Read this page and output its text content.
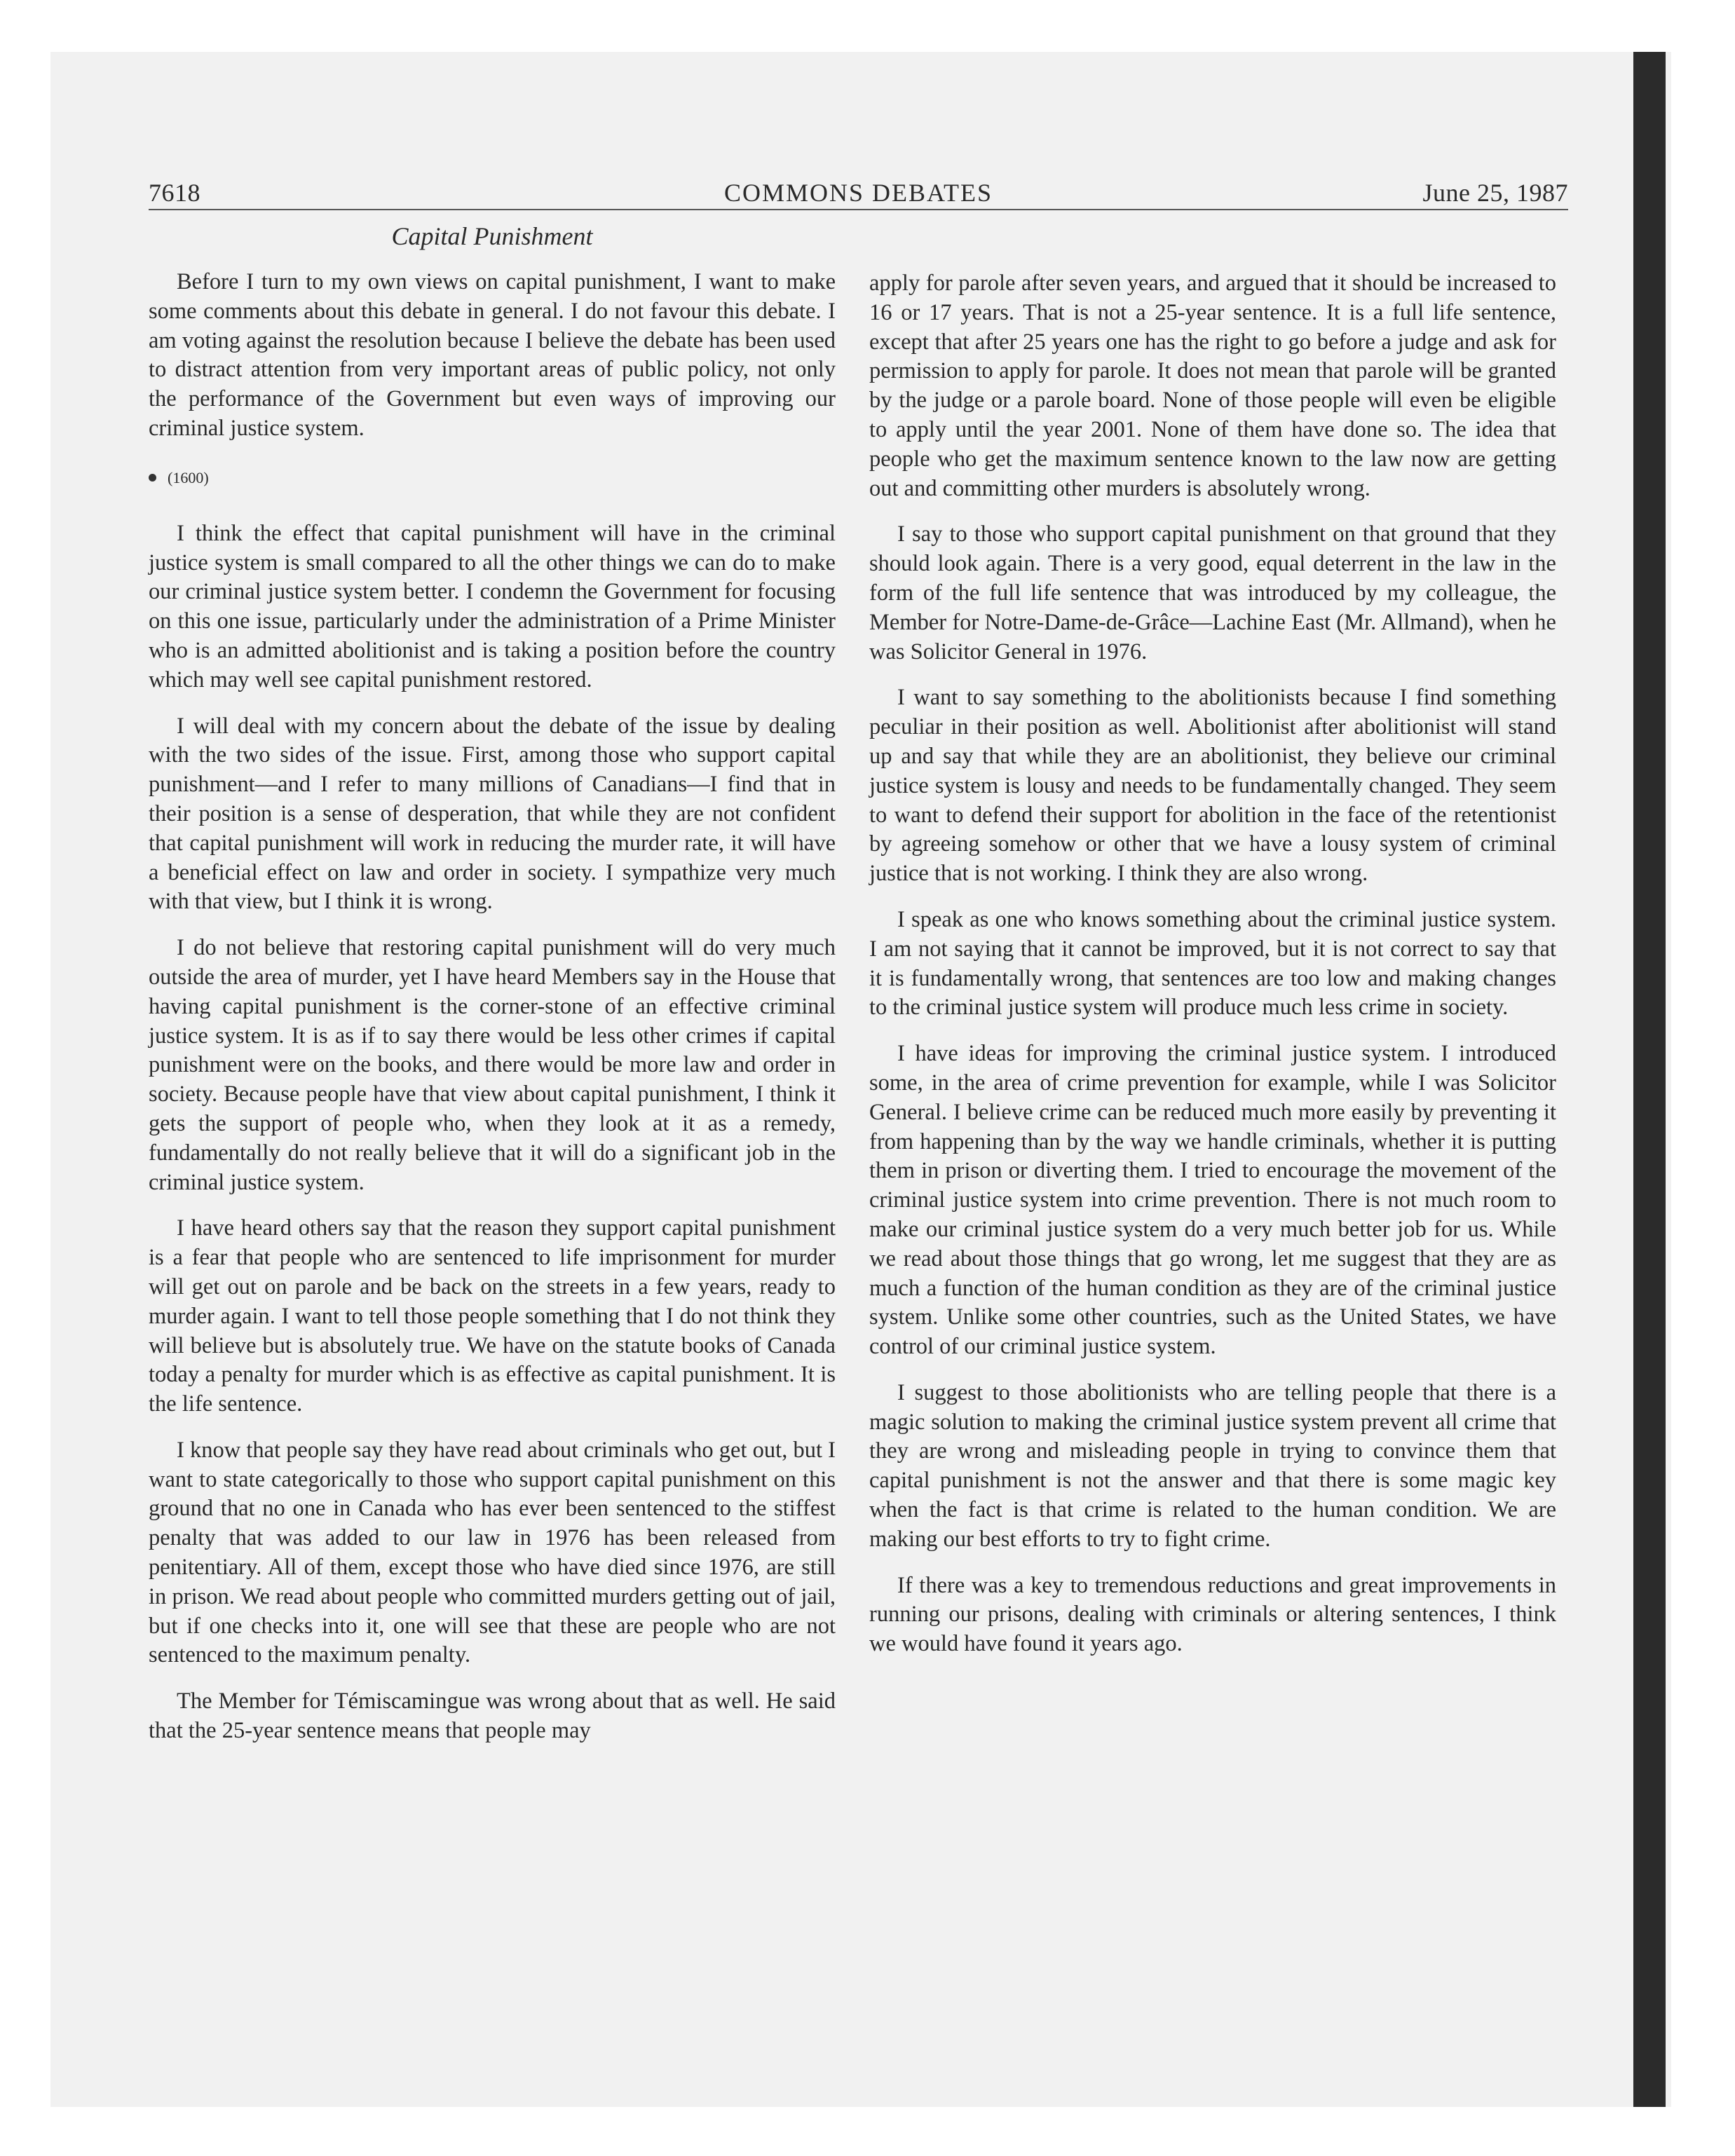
7618	COMMONS DEBATES	June 25, 1987
Capital Punishment

Before I turn to my own views on capital punishment, I want to make some comments about this debate in general. I do not favour this debate. I am voting against the resolution because I believe the debate has been used to distract attention from very important areas of public policy, not only the performance of the Government but even ways of improving our criminal justice system.

(1600)

I think the effect that capital punishment will have in the criminal justice system is small compared to all the other things we can do to make our criminal justice system better. I condemn the Government for focusing on this one issue, particularly under the administration of a Prime Minister who is an admitted abolitionist and is taking a position before the country which may well see capital punishment restored.

I will deal with my concern about the debate of the issue by dealing with the two sides of the issue. First, among those who support capital punishment—and I refer to many millions of Canadians—I find that in their position is a sense of desperation, that while they are not confident that capital punishment will work in reducing the murder rate, it will have a beneficial effect on law and order in society. I sympathize very much with that view, but I think it is wrong.

I do not believe that restoring capital punishment will do very much outside the area of murder, yet I have heard Members say in the House that having capital punishment is the corner-stone of an effective criminal justice system. It is as if to say there would be less other crimes if capital punishment were on the books, and there would be more law and order in society. Because people have that view about capital punishment, I think it gets the support of people who, when they look at it as a remedy, fundamentally do not really believe that it will do a significant job in the criminal justice system.

I have heard others say that the reason they support capital punishment is a fear that people who are sentenced to life imprisonment for murder will get out on parole and be back on the streets in a few years, ready to murder again. I want to tell those people something that I do not think they will believe but is absolutely true. We have on the statute books of Canada today a penalty for murder which is as effective as capital punishment. It is the life sentence.

I know that people say they have read about criminals who get out, but I want to state categorically to those who support capital punishment on this ground that no one in Canada who has ever been sentenced to the stiffest penalty that was added to our law in 1976 has been released from penitentiary. All of them, except those who have died since 1976, are still in prison. We read about people who committed murders getting out of jail, but if one checks into it, one will see that these are people who are not sentenced to the maximum penalty.

The Member for Témiscamingue was wrong about that as well. He said that the 25-year sentence means that people may

apply for parole after seven years, and argued that it should be increased to 16 or 17 years. That is not a 25-year sentence. It is a full life sentence, except that after 25 years one has the right to go before a judge and ask for permission to apply for parole. It does not mean that parole will be granted by the judge or a parole board. None of those people will even be eligible to apply until the year 2001. None of them have done so. The idea that people who get the maximum sentence known to the law now are getting out and committing other murders is absolutely wrong.

I say to those who support capital punishment on that ground that they should look again. There is a very good, equal deterrent in the law in the form of the full life sentence that was introduced by my colleague, the Member for Notre-Dame-de-Grâce—Lachine East (Mr. Allmand), when he was Solicitor General in 1976.

I want to say something to the abolitionists because I find something peculiar in their position as well. Abolitionist after abolitionist will stand up and say that while they are an abolitionist, they believe our criminal justice system is lousy and needs to be fundamentally changed. They seem to want to defend their support for abolition in the face of the retentionist by agreeing somehow or other that we have a lousy system of criminal justice that is not working. I think they are also wrong.

I speak as one who knows something about the criminal justice system. I am not saying that it cannot be improved, but it is not correct to say that it is fundamentally wrong, that sentences are too low and making changes to the criminal justice system will produce much less crime in society.

I have ideas for improving the criminal justice system. I introduced some, in the area of crime prevention for example, while I was Solicitor General. I believe crime can be reduced much more easily by preventing it from happening than by the way we handle criminals, whether it is putting them in prison or diverting them. I tried to encourage the movement of the criminal justice system into crime prevention. There is not much room to make our criminal justice system do a very much better job for us. While we read about those things that go wrong, let me suggest that they are as much a function of the human condition as they are of the criminal justice system. Unlike some other countries, such as the United States, we have control of our criminal justice system.

I suggest to those abolitionists who are telling people that there is a magic solution to making the criminal justice system prevent all crime that they are wrong and misleading people in trying to convince them that capital punishment is not the answer and that there is some magic key when the fact is that crime is related to the human condition. We are making our best efforts to try to fight crime.

If there was a key to tremendous reductions and great improvements in running our prisons, dealing with criminals or altering sentences, I think we would have found it years ago.
